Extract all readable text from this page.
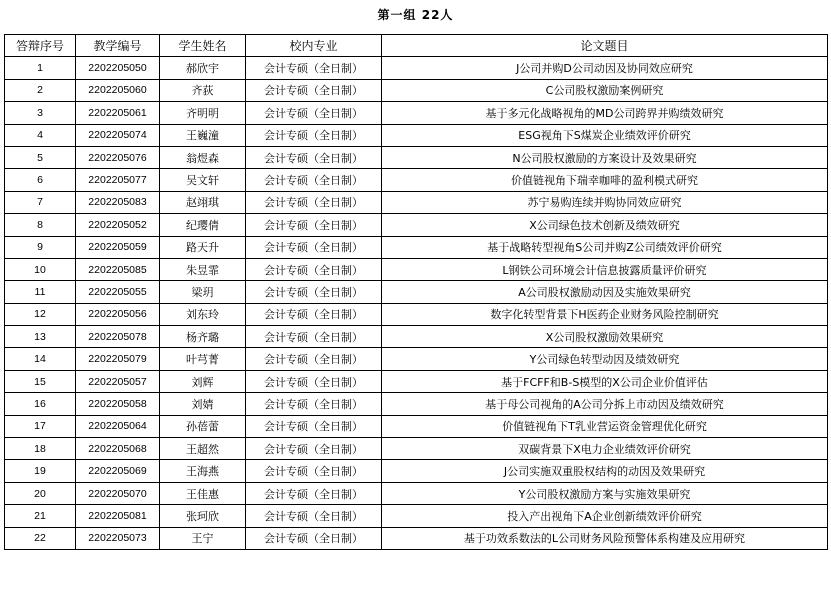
第一组 22人
答辩序号	教学编号	学生姓名	校内专业	论文题目
1	2202205050	郝欣宇	会计专硕（全日制）	J公司并购D公司动因及协同效应研究
2	2202205060	齐荻	会计专硕（全日制）	C公司股权激励案例研究
3	2202205061	齐明明	会计专硕（全日制）	基于多元化战略视角的MD公司跨界并购绩效研究
4	2202205074	王巍潼	会计专硕（全日制）	ESG视角下S煤炭企业绩效评价研究
5	2202205076	翁煜森	会计专硕（全日制）	N公司股权激励的方案设计及效果研究
6	2202205077	吴文轩	会计专硕（全日制）	价值链视角下瑞幸咖啡的盈利模式研究
7	2202205083	赵翊琪	会计专硕（全日制）	苏宁易购连续并购协同效应研究
8	2202205052	纪璎倩	会计专硕（全日制）	X公司绿色技术创新及绩效研究
9	2202205059	路天升	会计专硕（全日制）	基于战略转型视角S公司并购Z公司绩效评价研究
10	2202205085	朱昱霏	会计专硕（全日制）	L钢铁公司环境会计信息披露质量评价研究
11	2202205055	梁玥	会计专硕（全日制）	A公司股权激励动因及实施效果研究
12	2202205056	刘东玲	会计专硕（全日制）	数字化转型背景下H医药企业财务风险控制研究
13	2202205078	杨齐璐	会计专硕（全日制）	X公司股权激励效果研究
14	2202205079	叶芎菁	会计专硕（全日制）	Y公司绿色转型动因及绩效研究
15	2202205057	刘辉	会计专硕（全日制）	基于FCFF和B-S模型的X公司企业价值评估
16	2202205058	刘婧	会计专硕（全日制）	基于母公司视角的A公司分拆上市动因及绩效研究
17	2202205064	孙蓓蕾	会计专硕（全日制）	价值链视角下T乳业营运资金管理优化研究
18	2202205068	王超然	会计专硕（全日制）	双碳背景下X电力企业绩效评价研究
19	2202205069	王海燕	会计专硕（全日制）	J公司实施双重股权结构的动因及效果研究
20	2202205070	王佳惠	会计专硕（全日制）	Y公司股权激励方案与实施效果研究
21	2202205081	张珂欣	会计专硕（全日制）	投入产出视角下A企业创新绩效评价研究
22	2202205073	王宁	会计专硕（全日制）	基于功效系数法的L公司财务风险预警体系构建及应用研究
